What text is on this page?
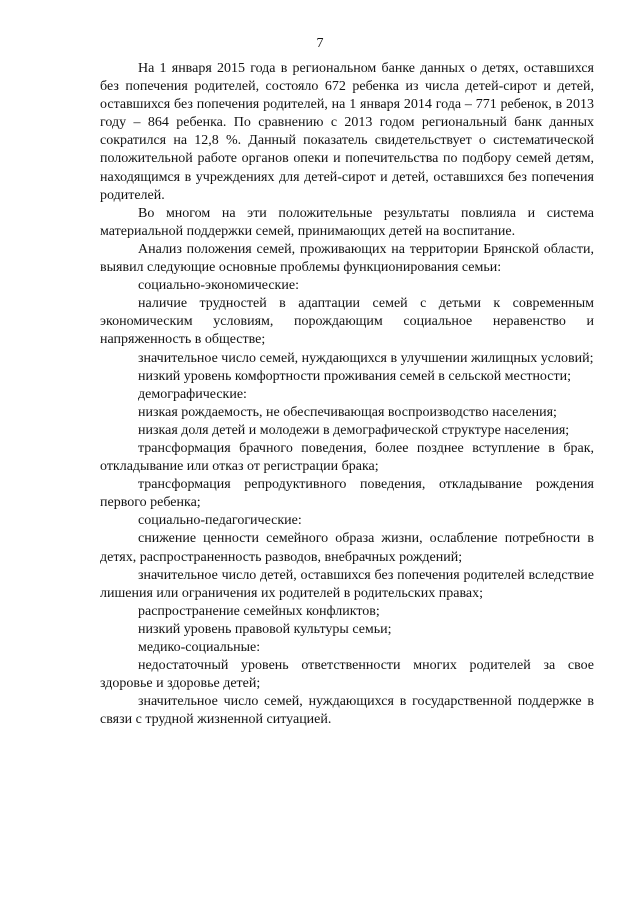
7

На 1 января 2015 года в региональном банке данных о детях, оставшихся без попечения родителей, состояло 672 ребенка из числа детей-сирот и детей, оставшихся без попечения родителей, на 1 января 2014 года – 771 ребенок, в 2013 году – 864 ребенка. По сравнению с 2013 годом региональный банк данных сократился на 12,8 %. Данный показатель свидетельствует о систематической положительной работе органов опеки и попечительства по подбору семей детям, находящимся в учреждениях для детей-сирот и детей, оставшихся без попечения родителей.

Во многом на эти положительные результаты повлияла и система материальной поддержки семей, принимающих детей на воспитание.

Анализ положения семей, проживающих на территории Брянской области, выявил следующие основные проблемы функционирования семьи:

социально-экономические:

наличие трудностей в адаптации семей с детьми к современным экономическим условиям, порождающим социальное неравенство и напряженность в обществе;

значительное число семей, нуждающихся в улучшении жилищных условий;

низкий уровень комфортности проживания семей в сельской местности;

демографические:

низкая рождаемость, не обеспечивающая воспроизводство населения;

низкая доля детей и молодежи в демографической структуре населения;

трансформация брачного поведения, более позднее вступление в брак, откладывание или отказ от регистрации брака;

трансформация репродуктивного поведения, откладывание рождения первого ребенка;

социально-педагогические:

снижение ценности семейного образа жизни, ослабление потребности в детях, распространенность разводов, внебрачных рождений;

значительное число детей, оставшихся без попечения родителей вследствие лишения или ограничения их родителей в родительских правах;

распространение семейных конфликтов;

низкий уровень правовой культуры семьи;

медико-социальные:

недостаточный уровень ответственности многих родителей за свое здоровье и здоровье детей;

значительное число семей, нуждающихся в государственной поддержке в связи с трудной жизненной ситуацией.
